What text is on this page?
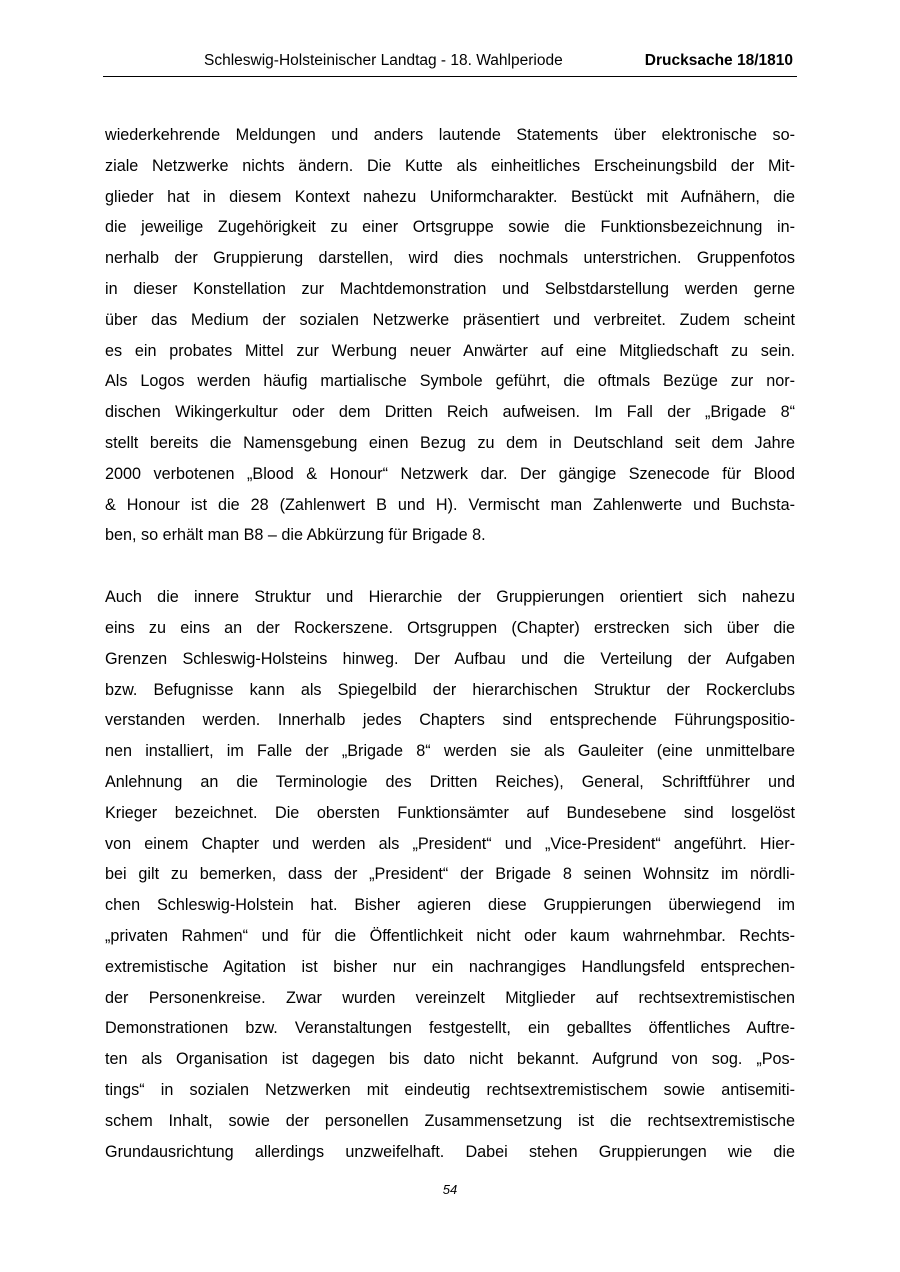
Schleswig-Holsteinischer Landtag - 18. Wahlperiode	Drucksache 18/1810

wiederkehrende Meldungen und anders lautende Statements über elektronische so-
ziale Netzwerke nichts ändern. Die Kutte als einheitliches Erscheinungsbild der Mit-
glieder hat in diesem Kontext nahezu Uniformcharakter. Bestückt mit Aufnähern, die
die jeweilige Zugehörigkeit zu einer Ortsgruppe sowie die Funktionsbezeichnung in-
nerhalb der Gruppierung darstellen, wird dies nochmals unterstrichen. Gruppenfotos
in dieser Konstellation zur Machtdemonstration und Selbstdarstellung werden gerne
über das Medium der sozialen Netzwerke präsentiert und verbreitet. Zudem scheint
es ein probates Mittel zur Werbung neuer Anwärter auf eine Mitgliedschaft zu sein.
Als Logos werden häufig martialische Symbole geführt, die oftmals Bezüge zur nor-
dischen Wikingerkultur oder dem Dritten Reich aufweisen. Im Fall der „Brigade 8“
stellt bereits die Namensgebung einen Bezug zu dem in Deutschland seit dem Jahre
2000 verbotenen „Blood & Honour“ Netzwerk dar. Der gängige Szenecode für Blood
& Honour ist die 28 (Zahlenwert B und H). Vermischt man Zahlenwerte und Buchsta-
ben, so erhält man B8 – die Abkürzung für Brigade 8.

Auch die innere Struktur und Hierarchie der Gruppierungen orientiert sich nahezu
eins zu eins an der Rockerszene. Ortsgruppen (Chapter) erstrecken sich über die
Grenzen Schleswig-Holsteins hinweg. Der Aufbau und die Verteilung der Aufgaben
bzw. Befugnisse kann als Spiegelbild der hierarchischen Struktur der Rockerclubs
verstanden werden. Innerhalb jedes Chapters sind entsprechende Führungspositio-
nen installiert, im Falle der „Brigade 8“ werden sie als Gauleiter (eine unmittelbare
Anlehnung an die Terminologie des Dritten Reiches), General, Schriftführer und
Krieger bezeichnet. Die obersten Funktionsämter auf Bundesebene sind losgelöst
von einem Chapter und werden als „President“ und „Vice-President“ angeführt. Hier-
bei gilt zu bemerken, dass der „President“ der Brigade 8 seinen Wohnsitz im nördli-
chen Schleswig-Holstein hat. Bisher agieren diese Gruppierungen überwiegend im
„privaten Rahmen“ und für die Öffentlichkeit nicht oder kaum wahrnehmbar. Rechts-
extremistische Agitation ist bisher nur ein nachrangiges Handlungsfeld entsprechen-
der Personenkreise. Zwar wurden vereinzelt Mitglieder auf rechtsextremistischen
Demonstrationen bzw. Veranstaltungen festgestellt, ein geballtes öffentliches Auftre-
ten als Organisation ist dagegen bis dato nicht bekannt. Aufgrund von sog. „Pos-
tings“ in sozialen Netzwerken mit eindeutig rechtsextremistischem sowie antisemiti-
schem Inhalt, sowie der personellen Zusammensetzung ist die rechtsextremistische
Grundausrichtung allerdings unzweifelhaft. Dabei stehen Gruppierungen wie die

54
